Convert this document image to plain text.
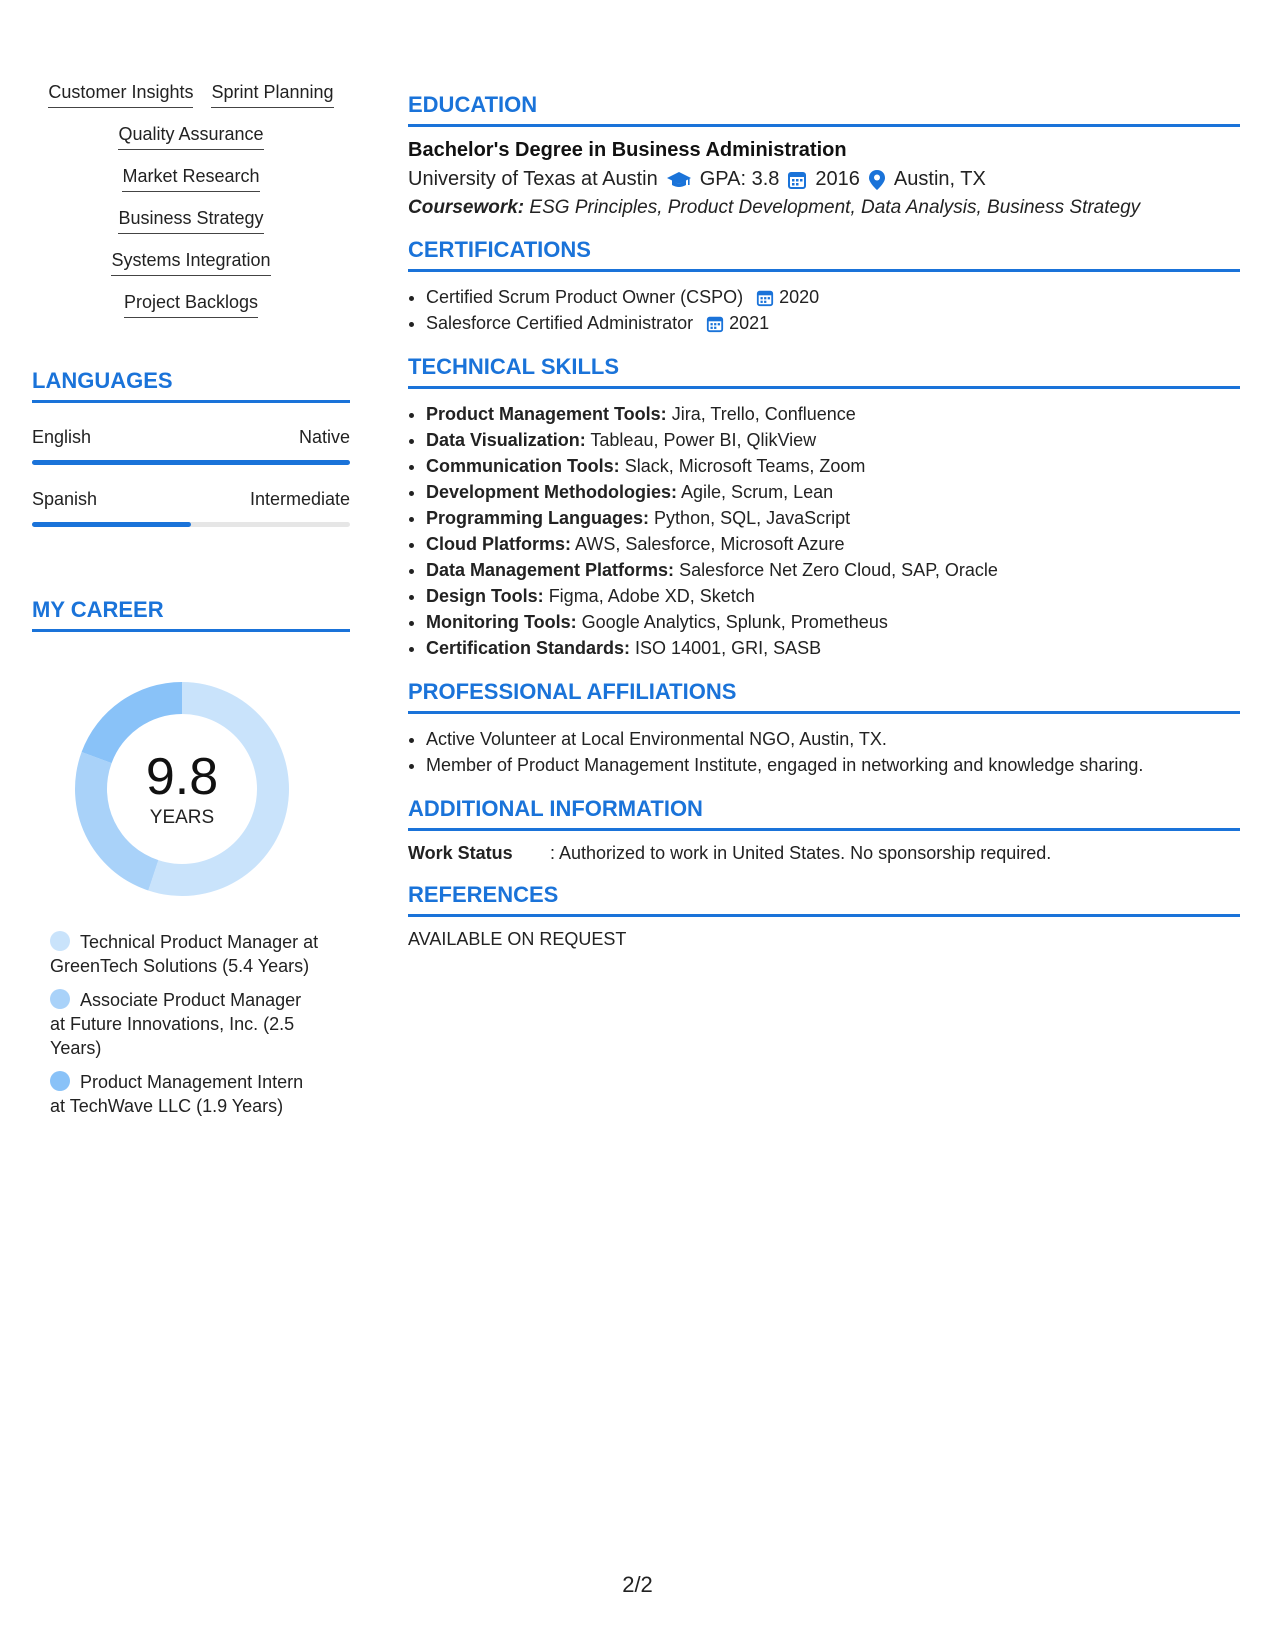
Customer Insights Sprint Planning
Quality Assurance
Market Research
Business Strategy
Systems Integration
Project Backlogs
LANGUAGES
English	Native
Spanish	Intermediate
MY CAREER
9.8
YEARS
Technical Product Manager at GreenTech Solutions (5.4 Years)
Associate Product Manager at Future Innovations, Inc. (2.5 Years)
Product Management Intern at TechWave LLC (1.9 Years)
EDUCATION
Bachelor's Degree in Business Administration
University of Texas at Austin GPA: 3.8 2016 Austin, TX
Coursework: ESG Principles, Product Development, Data Analysis, Business Strategy
CERTIFICATIONS
• Certified Scrum Product Owner (CSPO) 2020
• Salesforce Certified Administrator 2021
TECHNICAL SKILLS
• Product Management Tools: Jira, Trello, Confluence
• Data Visualization: Tableau, Power BI, QlikView
• Communication Tools: Slack, Microsoft Teams, Zoom
• Development Methodologies: Agile, Scrum, Lean
• Programming Languages: Python, SQL, JavaScript
• Cloud Platforms: AWS, Salesforce, Microsoft Azure
• Data Management Platforms: Salesforce Net Zero Cloud, SAP, Oracle
• Design Tools: Figma, Adobe XD, Sketch
• Monitoring Tools: Google Analytics, Splunk, Prometheus
• Certification Standards: ISO 14001, GRI, SASB
PROFESSIONAL AFFILIATIONS
• Active Volunteer at Local Environmental NGO, Austin, TX.
• Member of Product Management Institute, engaged in networking and knowledge sharing.
ADDITIONAL INFORMATION
Work Status	: Authorized to work in United States. No sponsorship required.
REFERENCES
AVAILABLE ON REQUEST
2/2
